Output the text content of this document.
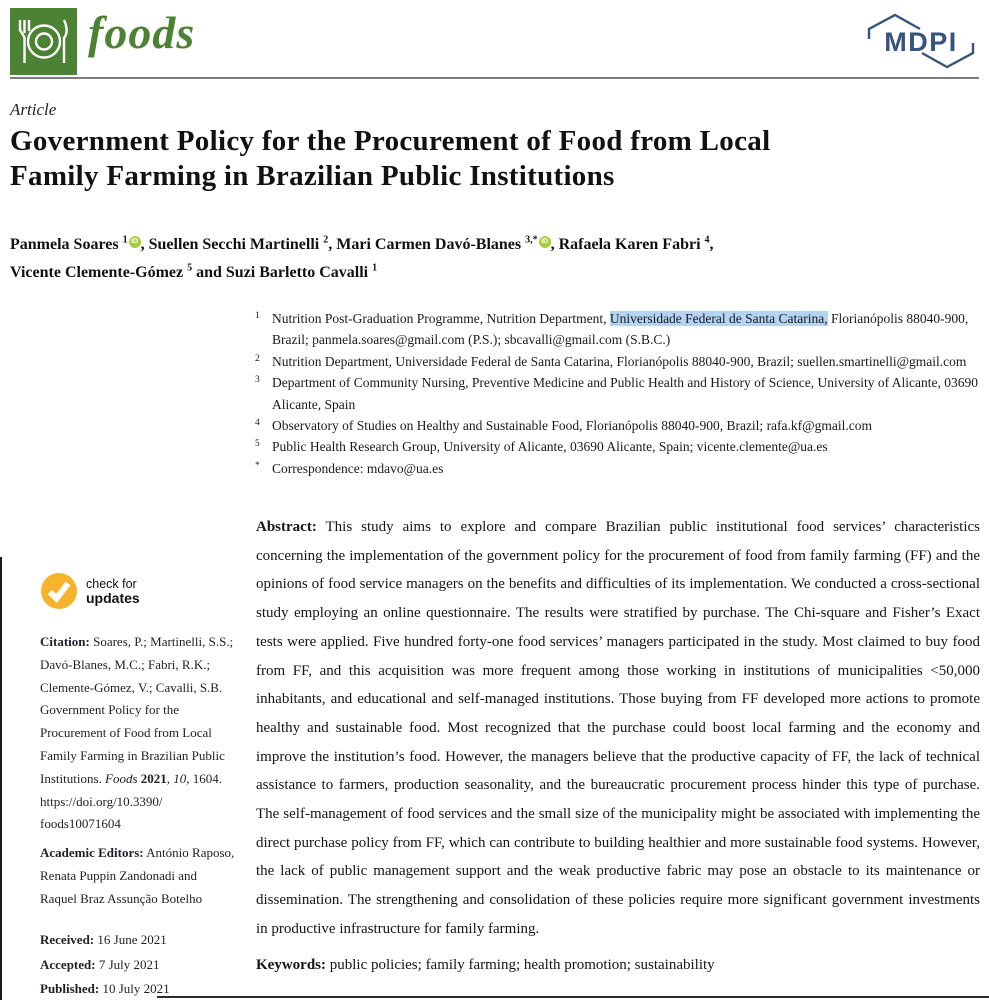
foods	MDPI
Article
Government Policy for the Procurement of Food from Local
Family Farming in Brazilian Public Institutions
Panmela Soares $^1$ iD , Suellen Secchi Martinelli $^2$, Mari Carmen Davó-Blanes $^{3,*}$ iD , Rafaela Karen Fabri $^4$,
Vicente Clemente-Gómez $^5$ and Suzi Barletto Cavalli $^1$
1 Nutrition Post-Graduation Programme, Nutrition Department, Universidade Federal de Santa Catarina, Florianópolis 88040-900, Brazil; panmela.soares@gmail.com (P.S.); sbcavalli@gmail.com (S.B.C.)
2 Nutrition Department, Universidade Federal de Santa Catarina, Florianópolis 88040-900, Brazil; suellen.smartinelli@gmail.com
3 Department of Community Nursing, Preventive Medicine and Public Health and History of Science, University of Alicante, 03690 Alicante, Spain
4 Observatory of Studies on Healthy and Sustainable Food, Florianópolis 88040-900, Brazil; rafa.kf@gmail.com
5 Public Health Research Group, University of Alicante, 03690 Alicante, Spain; vicente.clemente@ua.es
* Correspondence: mdavo@ua.es
Abstract: This study aims to explore and compare Brazilian public institutional food services’ characteristics concerning the implementation of the government policy for the procurement of food from family farming (FF) and the opinions of food service managers on the benefits and difficulties of its implementation. We conducted a cross-sectional study employing an online questionnaire. The results were stratified by purchase. The Chi-square and Fisher’s Exact tests were applied. Five hundred forty-one food services’ managers participated in the study. Most claimed to buy food from FF, and this acquisition was more frequent among those working in institutions of municipalities <50,000 inhabitants, and educational and self-managed institutions. Those buying from FF developed more actions to promote healthy and sustainable food. Most recognized that the purchase could boost local farming and the economy and improve the institution’s food. However, the managers believe that the productive capacity of FF, the lack of technical assistance to farmers, production seasonality, and the bureaucratic procurement process hinder this type of purchase. The self-management of food services and the small size of the municipality might be associated with implementing the direct purchase policy from FF, which can contribute to building healthier and more sustainable food systems. However, the lack of public management support and the weak productive fabric may pose an obstacle to its maintenance or dissemination. The strengthening and consolidation of these policies require more significant government investments in productive infrastructure for family farming.
Keywords: public policies; family farming; health promotion; sustainability
check for
updates
Citation: Soares, P.; Martinelli, S.S.;
Davó-Blanes, M.C.; Fabri, R.K.;
Clemente-Gómez, V.; Cavalli, S.B.
Government Policy for the
Procurement of Food from Local
Family Farming in Brazilian Public
Institutions. Foods 2021, 10, 1604.
https://doi.org/10.3390/
foods10071604
Academic Editors: António Raposo,
Renata Puppin Zandonadi and
Raquel Braz Assunção Botelho
Received: 16 June 2021
Accepted: 7 July 2021
Published: 10 July 2021
